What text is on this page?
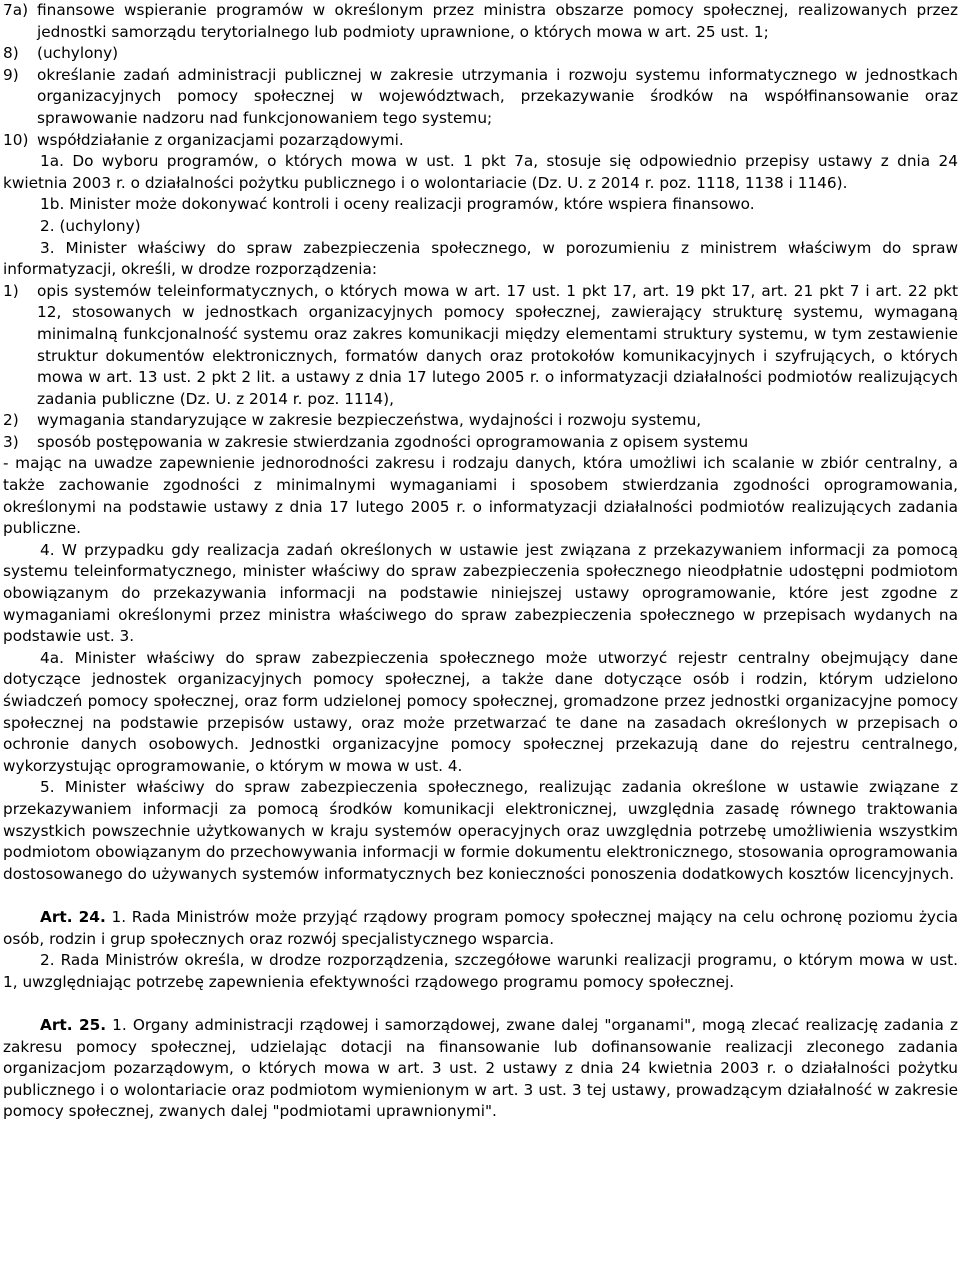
7a) finansowe wspieranie programów w określonym przez ministra obszarze pomocy społecznej, realizowanych przez jednostki samorządu terytorialnego lub podmioty uprawnione, o których mowa w art. 25 ust. 1;
8)	(uchylony)
9)	określanie zadań administracji publicznej w zakresie utrzymania i rozwoju systemu informatycznego w jednostkach organizacyjnych pomocy społecznej w województwach, przekazywanie środków na współfinansowanie oraz sprawowanie nadzoru nad funkcjonowaniem tego systemu;
10) współdziałanie z organizacjami pozarządowymi.

1a. Do wyboru programów, o których mowa w ust. 1 pkt 7a, stosuje się odpowiednio przepisy ustawy z dnia 24 kwietnia 2003 r. o działalności pożytku publicznego i o wolontariacie (Dz. U. z 2014 r. poz. 1118, 1138 i 1146).

1b. Minister może dokonywać kontroli i oceny realizacji programów, które wspiera finansowo.

2. (uchylony)

3. Minister właściwy do spraw zabezpieczenia społecznego, w porozumieniu z ministrem właściwym do spraw informatyzacji, określi, w drodze rozporządzenia:

1)	opis systemów teleinformatycznych, o których mowa w art. 17 ust. 1 pkt 17, art. 19 pkt 17, art. 21 pkt 7 i art. 22 pkt 12, stosowanych w jednostkach organizacyjnych pomocy społecznej, zawierający strukturę systemu, wymaganą minimalną funkcjonalność systemu oraz zakres komunikacji między elementami struktury systemu, w tym zestawienie struktur dokumentów elektronicznych, formatów danych oraz protokołów komunikacyjnych i szyfrujących, o których mowa w art. 13 ust. 2 pkt 2 lit. a ustawy z dnia 17 lutego 2005 r. o informatyzacji działalności podmiotów realizujących zadania publiczne (Dz. U. z 2014 r. poz. 1114),
2)	wymagania standaryzujące w zakresie bezpieczeństwa, wydajności i rozwoju systemu,
3)	sposób postępowania w zakresie stwierdzania zgodności oprogramowania z opisem systemu

- mając na uwadze zapewnienie jednorodności zakresu i rodzaju danych, która umożliwi ich scalanie w zbiór centralny, a także zachowanie zgodności z minimalnymi wymaganiami i sposobem stwierdzania zgodności oprogramowania, określonymi na podstawie ustawy z dnia 17 lutego 2005 r. o informatyzacji działalności podmiotów realizujących zadania publiczne.

4. W przypadku gdy realizacja zadań określonych w ustawie jest związana z przekazywaniem informacji za pomocą systemu teleinformatycznego, minister właściwy do spraw zabezpieczenia społecznego nieodpłatnie udostępni podmiotom obowiązanym do przekazywania informacji na podstawie niniejszej ustawy oprogramowanie, które jest zgodne z wymaganiami określonymi przez ministra właściwego do spraw zabezpieczenia społecznego w przepisach wydanych na podstawie ust. 3.

4a. Minister właściwy do spraw zabezpieczenia społecznego może utworzyć rejestr centralny obejmujący dane dotyczące jednostek organizacyjnych pomocy społecznej, a także dane dotyczące osób i rodzin, którym udzielono świadczeń pomocy społecznej, oraz form udzielonej pomocy społecznej, gromadzone przez jednostki organizacyjne pomocy społecznej na podstawie przepisów ustawy, oraz może przetwarzać te dane na zasadach określonych w przepisach o ochronie danych osobowych. Jednostki organizacyjne pomocy społecznej przekazują dane do rejestru centralnego, wykorzystując oprogramowanie, o którym w mowa w ust. 4.

5. Minister właściwy do spraw zabezpieczenia społecznego, realizując zadania określone w ustawie związane z przekazywaniem informacji za pomocą środków komunikacji elektronicznej, uwzględnia zasadę równego traktowania wszystkich powszechnie użytkowanych w kraju systemów operacyjnych oraz uwzględnia potrzebę umożliwienia wszystkim podmiotom obowiązanym do przechowywania informacji w formie dokumentu elektronicznego, stosowania oprogramowania dostosowanego do używanych systemów informatycznych bez konieczności ponoszenia dodatkowych kosztów licencyjnych.

Art. 24. 1. Rada Ministrów może przyjąć rządowy program pomocy społecznej mający na celu ochronę poziomu życia osób, rodzin i grup społecznych oraz rozwój specjalistycznego wsparcia.

2. Rada Ministrów określa, w drodze rozporządzenia, szczegółowe warunki realizacji programu, o którym mowa w ust. 1, uwzględniając potrzebę zapewnienia efektywności rządowego programu pomocy społecznej.

Art. 25. 1. Organy administracji rządowej i samorządowej, zwane dalej "organami", mogą zlecać realizację zadania z zakresu pomocy społecznej, udzielając dotacji na finansowanie lub dofinansowanie realizacji zleconego zadania organizacjom pozarządowym, o których mowa w art. 3 ust. 2 ustawy z dnia 24 kwietnia 2003 r. o działalności pożytku publicznego i o wolontariacie oraz podmiotom wymienionym w art. 3 ust. 3 tej ustawy, prowadzącym działalność w zakresie pomocy społecznej, zwanych dalej "podmiotami uprawnionymi".
